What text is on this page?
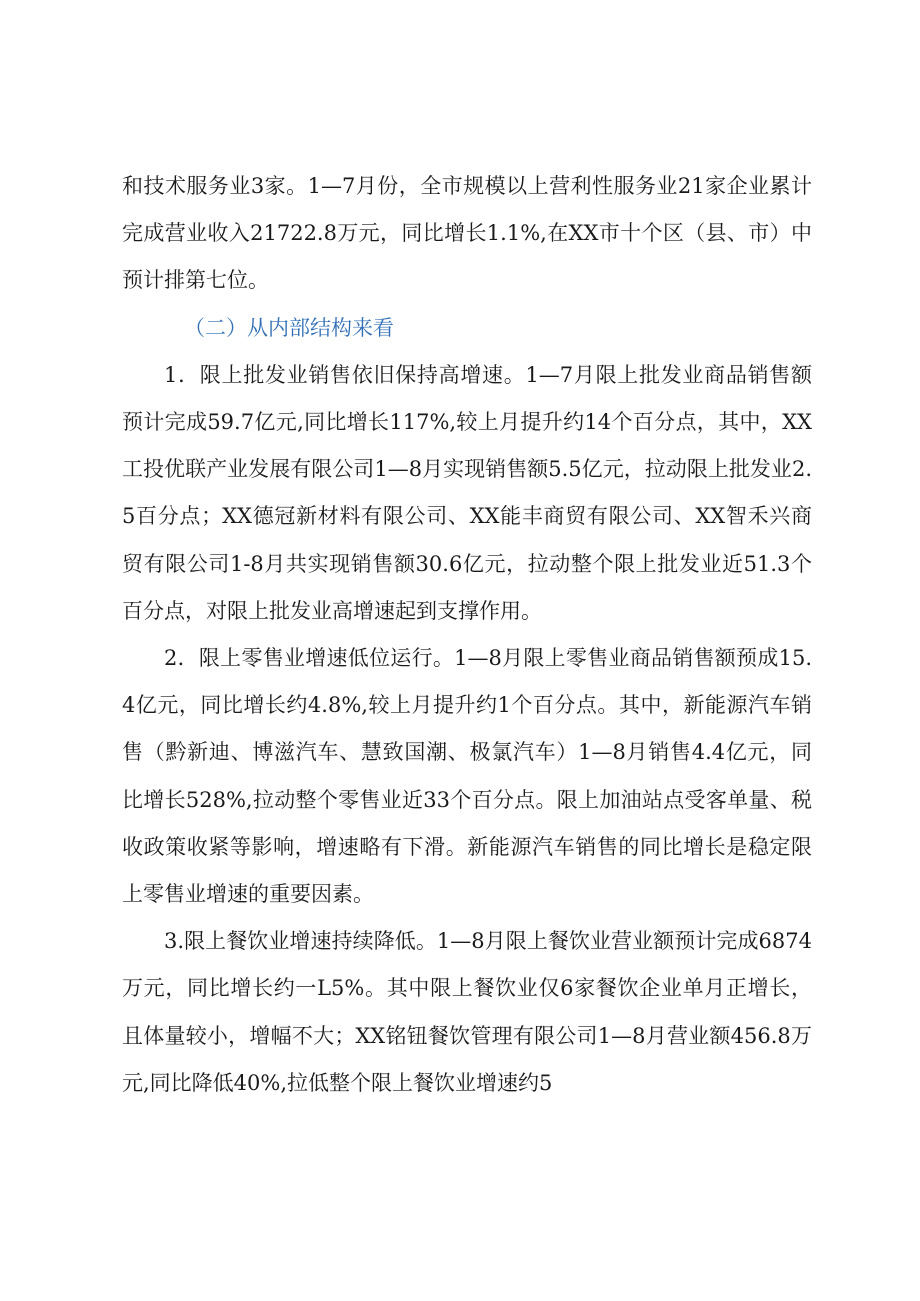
和技术服务业3家。1—7月份，全市规模以上营利性服务业21家企业累计完成营业收入21722.8万元，同比增长1.1%,在XX市十个区（县、市）中预计排第七位。

（二）从内部结构来看

1．限上批发业销售依旧保持高增速。1—7月限上批发业商品销售额预计完成59.7亿元,同比增长117%,较上月提升约14个百分点，其中，XX工投优联产业发展有限公司1—8月实现销售额5.5亿元，拉动限上批发业2.5百分点；XX德冠新材料有限公司、XX能丰商贸有限公司、XX智禾兴商贸有限公司1-8月共实现销售额30.6亿元，拉动整个限上批发业近51.3个百分点，对限上批发业高增速起到支撑作用。

2．限上零售业增速低位运行。1—8月限上零售业商品销售额预成15.4亿元，同比增长约4.8%,较上月提升约1个百分点。其中，新能源汽车销售（黔新迪、博滋汽车、慧致国潮、极氯汽车）1—8月销售4.4亿元，同比增长528%,拉动整个零售业近33个百分点。限上加油站点受客单量、税收政策收紧等影响，增速略有下滑。新能源汽车销售的同比增长是稳定限上零售业增速的重要因素。

3.限上餐饮业增速持续降低。1—8月限上餐饮业营业额预计完成6874万元，同比增长约一L5%。其中限上餐饮业仅6家餐饮企业单月正增长，且体量较小，增幅不大；XX铭钮餐饮管理有限公司1—8月营业额456.8万元,同比降低40%,拉低整个限上餐饮业增速约5
